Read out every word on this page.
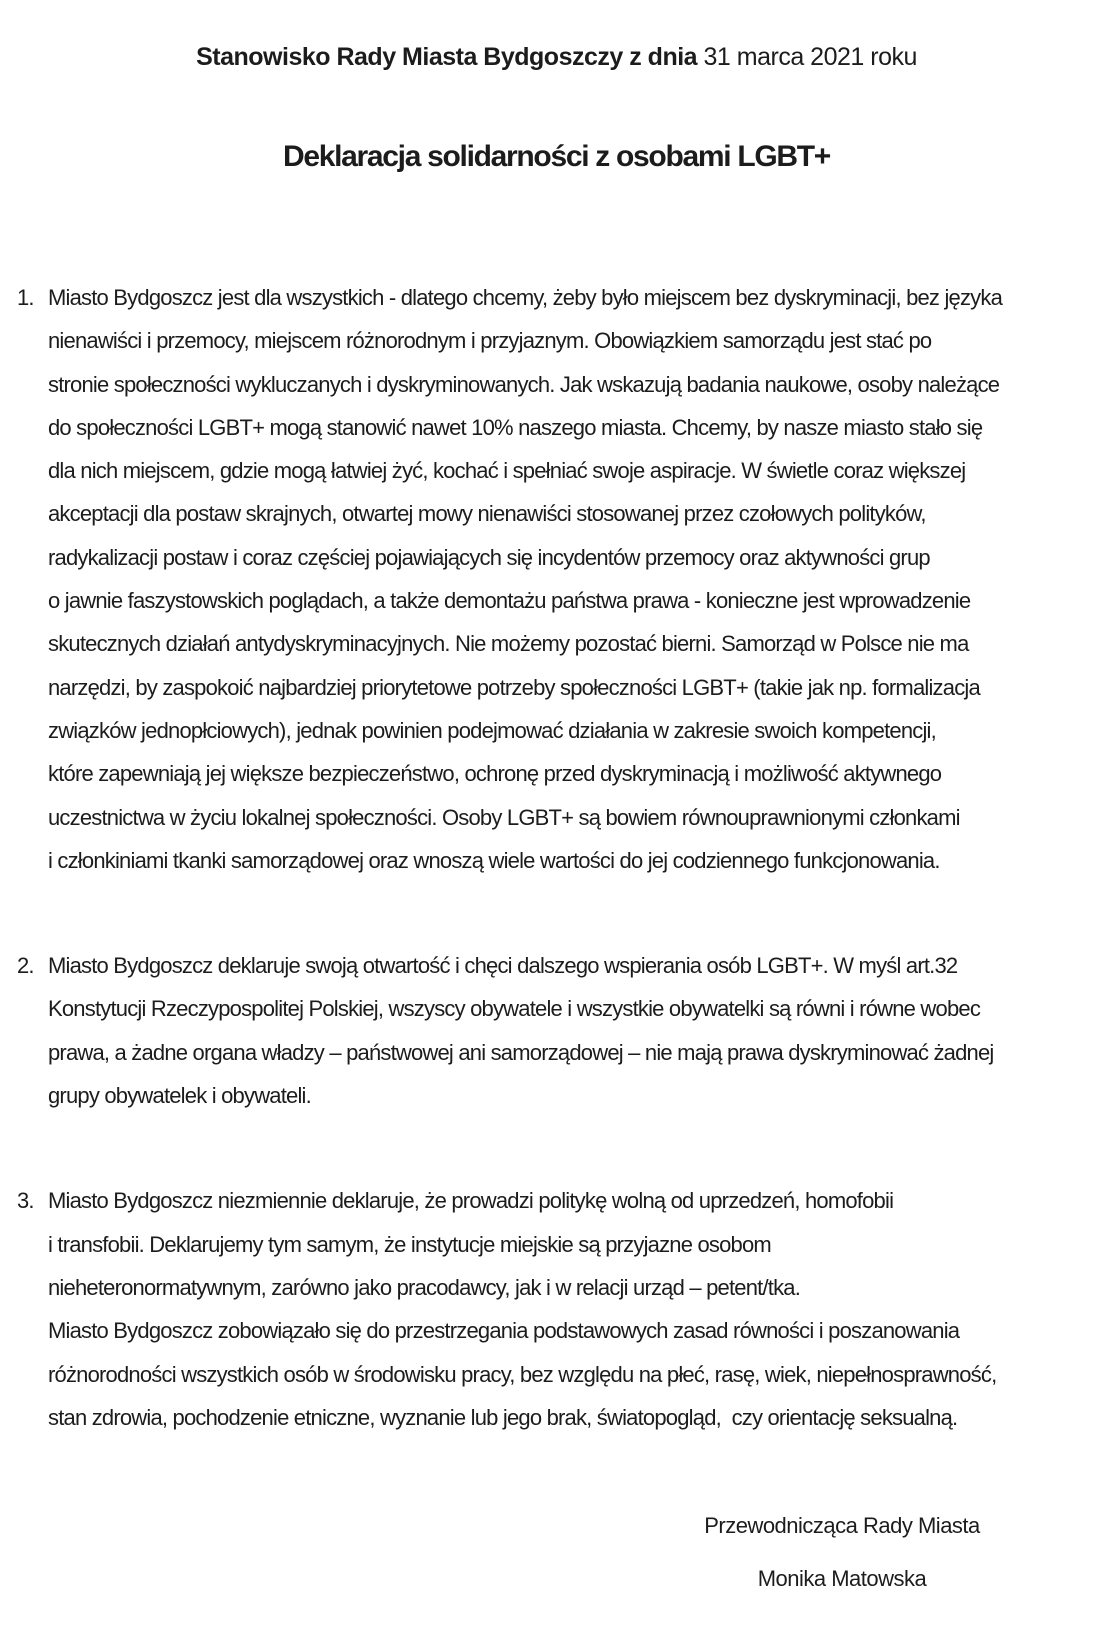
Stanowisko Rady Miasta Bydgoszczy z dnia 31 marca 2021 roku
Deklaracja solidarności z osobami LGBT+
1. Miasto Bydgoszcz jest dla wszystkich - dlatego chcemy, żeby było miejscem bez dyskryminacji, bez języka
nienawiści i przemocy, miejscem różnorodnym i przyjaznym. Obowiązkiem samorządu jest stać po
stronie społeczności wykluczanych i dyskryminowanych. Jak wskazują badania naukowe, osoby należące
do społeczności LGBT+ mogą stanowić nawet 10% naszego miasta. Chcemy, by nasze miasto stało się
dla nich miejscem, gdzie mogą łatwiej żyć, kochać i spełniać swoje aspiracje. W świetle coraz większej
akceptacji dla postaw skrajnych, otwartej mowy nienawiści stosowanej przez czołowych polityków,
radykalizacji postaw i coraz częściej pojawiających się incydentów przemocy oraz aktywności grup
o jawnie faszystowskich poglądach, a także demontażu państwa prawa - konieczne jest wprowadzenie
skutecznych działań antydyskryminacyjnych. Nie możemy pozostać bierni. Samorząd w Polsce nie ma
narzędzi, by zaspokoić najbardziej priorytetowe potrzeby społeczności LGBT+ (takie jak np. formalizacja
związków jednopłciowych), jednak powinien podejmować działania w zakresie swoich kompetencji,
które zapewniają jej większe bezpieczeństwo, ochronę przed dyskryminacją i możliwość aktywnego
uczestnictwa w życiu lokalnej społeczności. Osoby LGBT+ są bowiem równouprawnionymi członkami
i członkiniami tkanki samorządowej oraz wnoszą wiele wartości do jej codziennego funkcjonowania.
2. Miasto Bydgoszcz deklaruje swoją otwartość i chęci dalszego wspierania osób LGBT+. W myśl art.32
Konstytucji Rzeczypospolitej Polskiej, wszyscy obywatele i wszystkie obywatelki są równi i równe wobec
prawa, a żadne organa władzy – państwowej ani samorządowej – nie mają prawa dyskryminować żadnej
grupy obywatelek i obywateli.
3. Miasto Bydgoszcz niezmiennie deklaruje, że prowadzi politykę wolną od uprzedzeń, homofobii
i transfobii. Deklarujemy tym samym, że instytucje miejskie są przyjazne osobom
nieheteronormatywnym, zarówno jako pracodawcy, jak i w relacji urząd – petent/tka.
Miasto Bydgoszcz zobowiązało się do przestrzegania podstawowych zasad równości i poszanowania
różnorodności wszystkich osób w środowisku pracy, bez względu na płeć, rasę, wiek, niepełnosprawność,
stan zdrowia, pochodzenie etniczne, wyznanie lub jego brak, światopogląd,  czy orientację seksualną.
Przewodnicząca Rady Miasta
Monika Matowska
